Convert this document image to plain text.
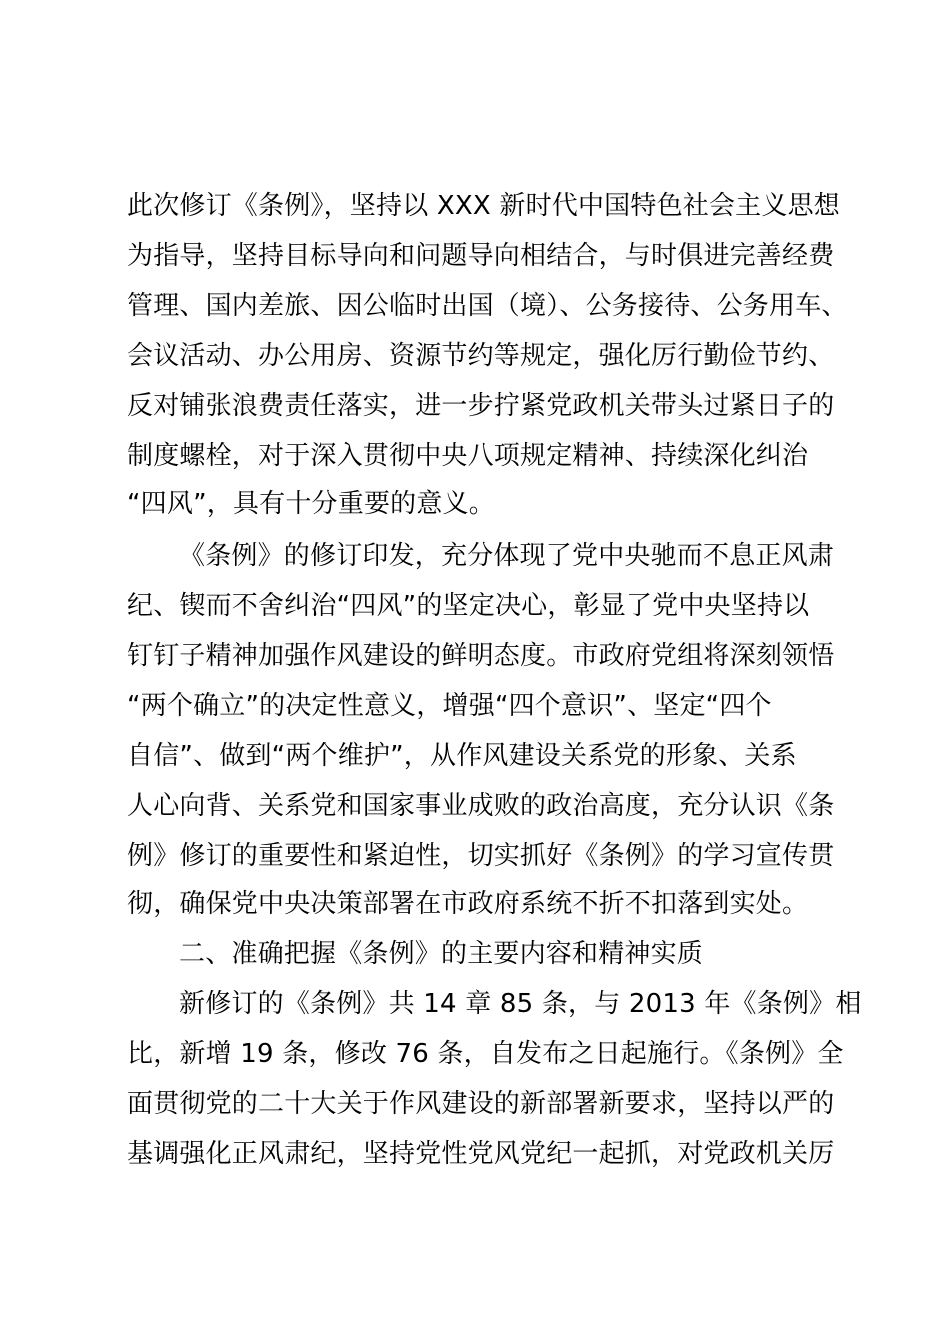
此次修订《条例》，坚持以 XXX 新时代中国特色社会主义思想
为指导，坚持目标导向和问题导向相结合，与时俱进完善经费
管理、国内差旅、因公临时出国（境）、公务接待、公务用车、
会议活动、办公用房、资源节约等规定，强化厉行勤俭节约、
反对铺张浪费责任落实，进一步拧紧党政机关带头过紧日子的
制度螺栓，对于深入贯彻中央八项规定精神、持续深化纠治
“四风”，具有十分重要的意义。
《条例》的修订印发，充分体现了党中央驰而不息正风肃
纪、锲而不舍纠治“四风”的坚定决心，彰显了党中央坚持以
钉钉子精神加强作风建设的鲜明态度。市政府党组将深刻领悟
“两个确立”的决定性意义，增强“四个意识”、坚定“四个
自信”、做到“两个维护”，从作风建设关系党的形象、关系
人心向背、关系党和国家事业成败的政治高度，充分认识《条
例》修订的重要性和紧迫性，切实抓好《条例》的学习宣传贯
彻，确保党中央决策部署在市政府系统不折不扣落到实处。
二、准确把握《条例》的主要内容和精神实质
新修订的《条例》共 14 章 85 条，与 2013 年《条例》相
比，新增 19 条，修改 76 条，自发布之日起施行。《条例》全
面贯彻党的二十大关于作风建设的新部署新要求，坚持以严的
基调强化正风肃纪，坚持党性党风党纪一起抓，对党政机关厉
